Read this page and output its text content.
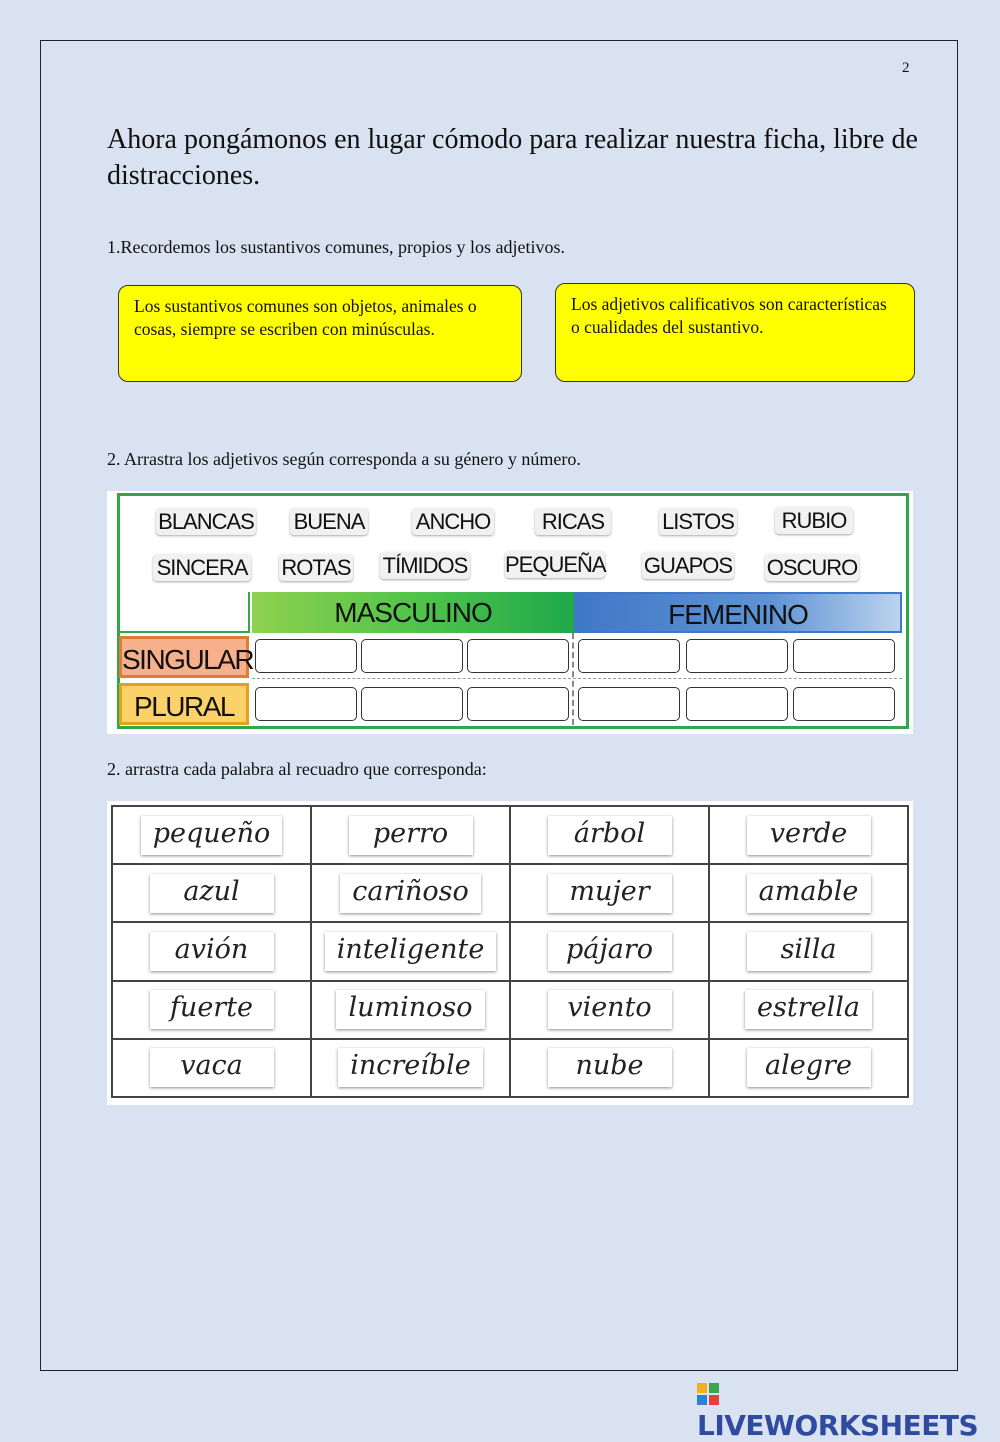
2
Ahora pongámonos en lugar cómodo para realizar nuestra ficha, libre de distracciones.
1.Recordemos los sustantivos comunes, propios y los adjetivos.
Los sustantivos comunes son objetos, animales o cosas, siempre se escriben con minúsculas.
Los adjetivos calificativos son características o cualidades del sustantivo.
2. Arrastra los adjetivos según corresponda a su género y número.
BLANCAS BUENA ANCHO	RICAS	LISTOS	RUBIO
SINCERA ROTAS TÍMIDOS PEQUEÑA GUAPOS OSCURO
MASCULINO	FEMENINO
SINGULAR
PLURAL
2. arrastra cada palabra al recuadro que corresponda:
pequeño	perro	árbol	verde
azul	cariñoso	mujer	amable
avión	inteligente	pájaro	silla
fuerte	luminoso	viento	estrella
vaca	increíble	nube	alegre
LIVEWORKSHEETS
